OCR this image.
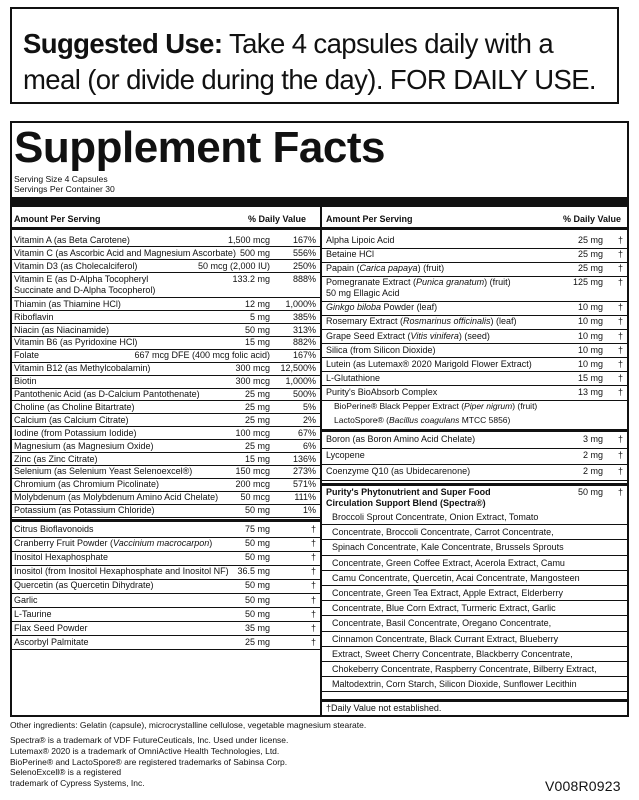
Suggested Use: Take 4 capsules daily with a meal (or divide during the day). FOR DAILY USE.
Supplement Facts
Serving Size 4 Capsules
Servings Per Container 30
Amount Per Serving	% Daily Value Amount Per Serving	% Daily Value
Other ingredients: Gelatin (capsule), microcrystalline cellulose, vegetable magnesium stearate.
V008R0923
Vitamin A (as Beta Carotene)	1,500 mcg	167%
Vitamin C (as Ascorbic Acid and Magnesium Ascorbate) 500 mg	556%
Vitamin D3 (as Cholecalciferol)	50 mcg (2,000 IU)	250%
Vitamin E (as D-Alpha Tocopheryl
Succinate and D-Alpha Tocopherol)
133.2 mg	888%
Thiamin (as Thiamine HCl)	12 mg 1,000%
Riboflavin	5 mg	385%
Niacin (as Niacinamide)	50 mg	313%
Vitamin B6 (as Pyridoxine HCl)	15 mg	882%
Folate	667 mcg DFE (400 mcg folic acid)	167%
Vitamin B12 (as Methylcobalamin)	300 mcg 12,500%
Biotin	300 mcg 1,000%
Pantothenic Acid (as D-Calcium Pantothenate)	25 mg	500%
Choline (as Choline Bitartrate)	25 mg	5%
Calcium (as Calcium Citrate)	25 mg	2%
Iodine (from Potassium Iodide)	100 mcg	67%
Magnesium (as Magnesium Oxide)	25 mg	6%
Zinc (as Zinc Citrate)	15 mg	136%
Selenium (as Selenium Yeast Selenoexcel®)	150 mcg	273%
Chromium (as Chromium Picolinate)	200 mcg	571%
Molybdenum (as Molybdenum Amino Acid Chelate) 50 mcg	111%
Potassium (as Potassium Chloride)	50 mg	1%
Citrus Bioflavonoids	75 mg	†
Cranberry Fruit Powder (Vaccinium macrocarpon)	50 mg	†
Inositol Hexaphosphate	50 mg	†
Inositol (from Inositol Hexaphosphate and Inositol NF) 36.5 mg	†
Quercetin (as Quercetin Dihydrate)	50 mg	†
Garlic	50 mg	†
L-Taurine	50 mg	†
Flax Seed Powder	35 mg	†
Ascorbyl Palmitate	25 mg	†
Alpha Lipoic Acid	25 mg †
Betaine HCl	25 mg †
Papain (Carica papaya) (fruit)	25 mg †
Pomegranate Extract (Punica granatum) (fruit)
50 mg Ellagic Acid
125 mg †
Ginkgo biloba Powder (leaf)	10 mg †
Rosemary Extract (Rosmarinus officinalis) (leaf)	10 mg †
Grape Seed Extract (Vitis vinifera) (seed)	10 mg †
Silica (from Silicon Dioxide)	10 mg †
Lutein (as Lutemax® 2020 Marigold Flower Extract)	10 mg †
L-Glutathione	15 mg †
Purity's BioAbsorb Complex	13 mg †
BioPerine® Black Pepper Extract (Piper nigrum) (fruit)
LactoSpore® (Bacillus coagulans MTCC 5856)
Boron (as Boron Amino Acid Chelate)	3 mg †
Lycopene	2 mg †
Coenzyme Q10 (as Ubidecarenone)	2 mg †
Purity's Phytonutrient and Super Food
Circulation Support Blend (Spectra®)
50 mg †
Broccoli Sprout Concentrate, Onion Extract, Tomato
Concentrate, Broccoli Concentrate, Carrot Concentrate,
Spinach Concentrate, Kale Concentrate, Brussels Sprouts
Concentrate, Green Coffee Extract, Acerola Extract, Camu
Camu Concentrate, Quercetin, Acai Concentrate, Mangosteen
Concentrate, Green Tea Extract, Apple Extract, Elderberry
Concentrate, Blue Corn Extract, Turmeric Extract, Garlic
Concentrate, Basil Concentrate, Oregano Concentrate,
Cinnamon Concentrate, Black Currant Extract, Blueberry
Extract, Sweet Cherry Concentrate, Blackberry Concentrate,
Chokeberry Concentrate, Raspberry Concentrate, Bilberry Extract,
Maltodextrin, Corn Starch, Silicon Dioxide, Sunflower Lecithin
†Daily Value not established.
Spectra® is a trademark of VDF FutureCeuticals, Inc. Used under license.
Lutemax® 2020 is a trademark of OmniActive Health Technologies, Ltd.
BioPerine® and LactoSpore® are registered trademarks of Sabinsa Corp.
SelenoExcell® is a registered
trademark of Cypress Systems, Inc.
